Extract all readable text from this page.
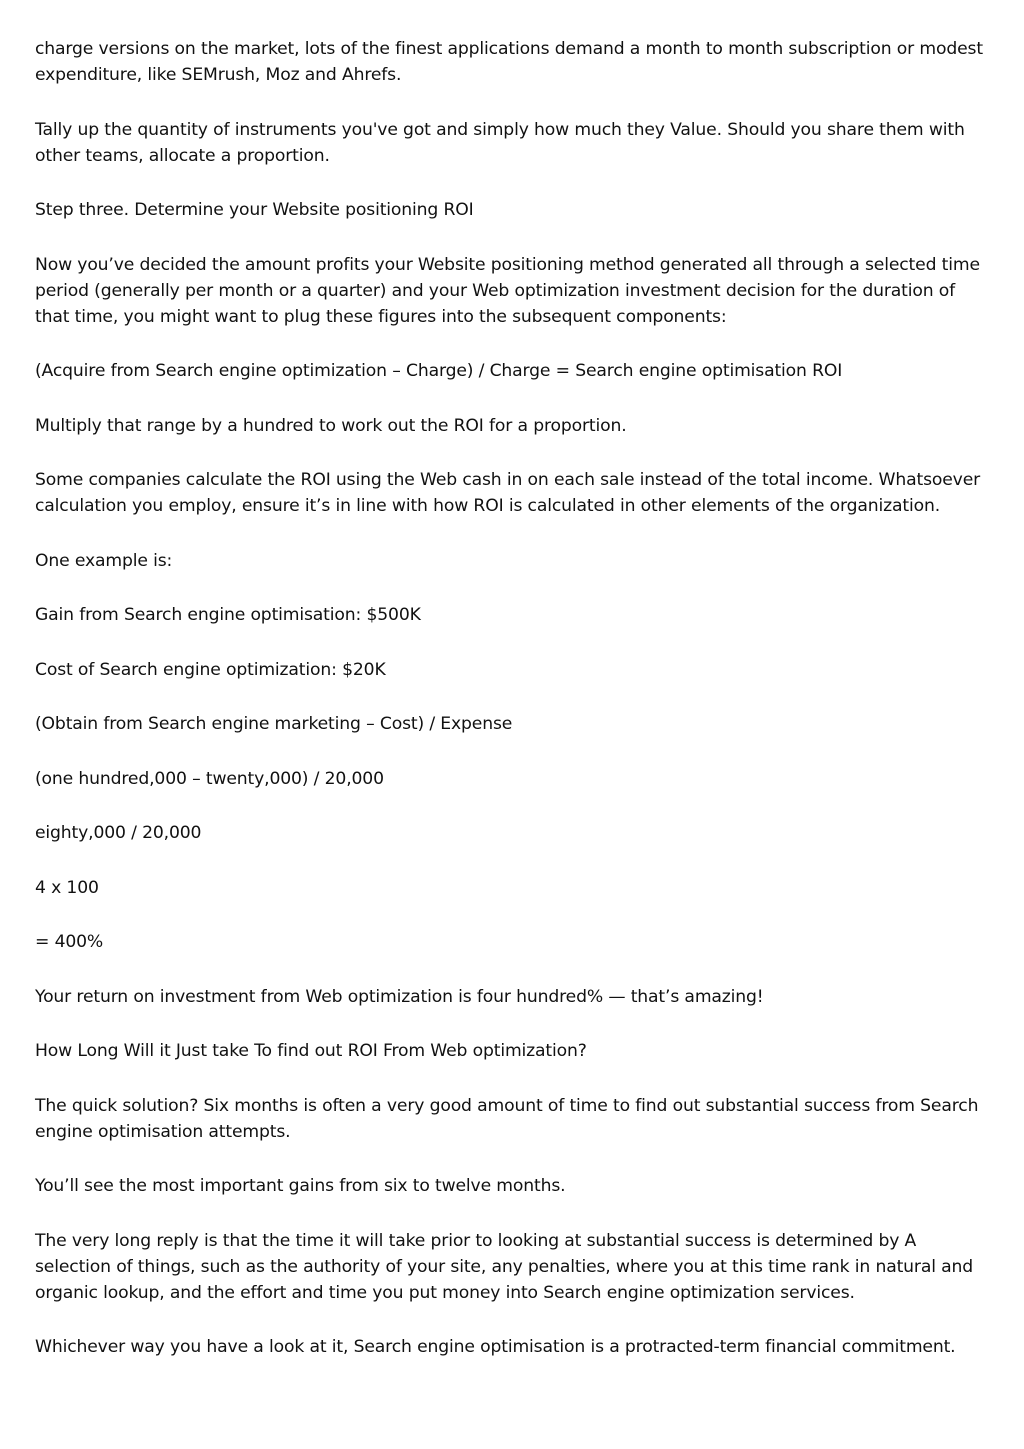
charge versions on the market, lots of the finest applications demand a month to month subscription or modest expenditure, like SEMrush, Moz and Ahrefs.

Tally up the quantity of instruments you've got and simply how much they Value. Should you share them with other teams, allocate a proportion.

Step three. Determine your Website positioning ROI

Now you’ve decided the amount profits your Website positioning method generated all through a selected time period (generally per month or a quarter) and your Web optimization investment decision for the duration of that time, you might want to plug these figures into the subsequent components:

(Acquire from Search engine optimization – Charge) / Charge = Search engine optimisation ROI

Multiply that range by a hundred to work out the ROI for a proportion.

Some companies calculate the ROI using the Web cash in on each sale instead of the total income. Whatsoever calculation you employ, ensure it’s in line with how ROI is calculated in other elements of the organization.

One example is:

Gain from Search engine optimisation: $500K

Cost of Search engine optimization: $20K

(Obtain from Search engine marketing – Cost) / Expense

(one hundred,000 – twenty,000) / 20,000

eighty,000 / 20,000

4 x 100

= 400%

Your return on investment from Web optimization is four hundred% — that’s amazing!

How Long Will it Just take To find out ROI From Web optimization?

The quick solution? Six months is often a very good amount of time to find out substantial success from Search engine optimisation attempts.

You’ll see the most important gains from six to twelve months.

The very long reply is that the time it will take prior to looking at substantial success is determined by A selection of things, such as the authority of your site, any penalties, where you at this time rank in natural and organic lookup, and the effort and time you put money into Search engine optimization services.

Whichever way you have a look at it, Search engine optimisation is a protracted-term financial commitment.
